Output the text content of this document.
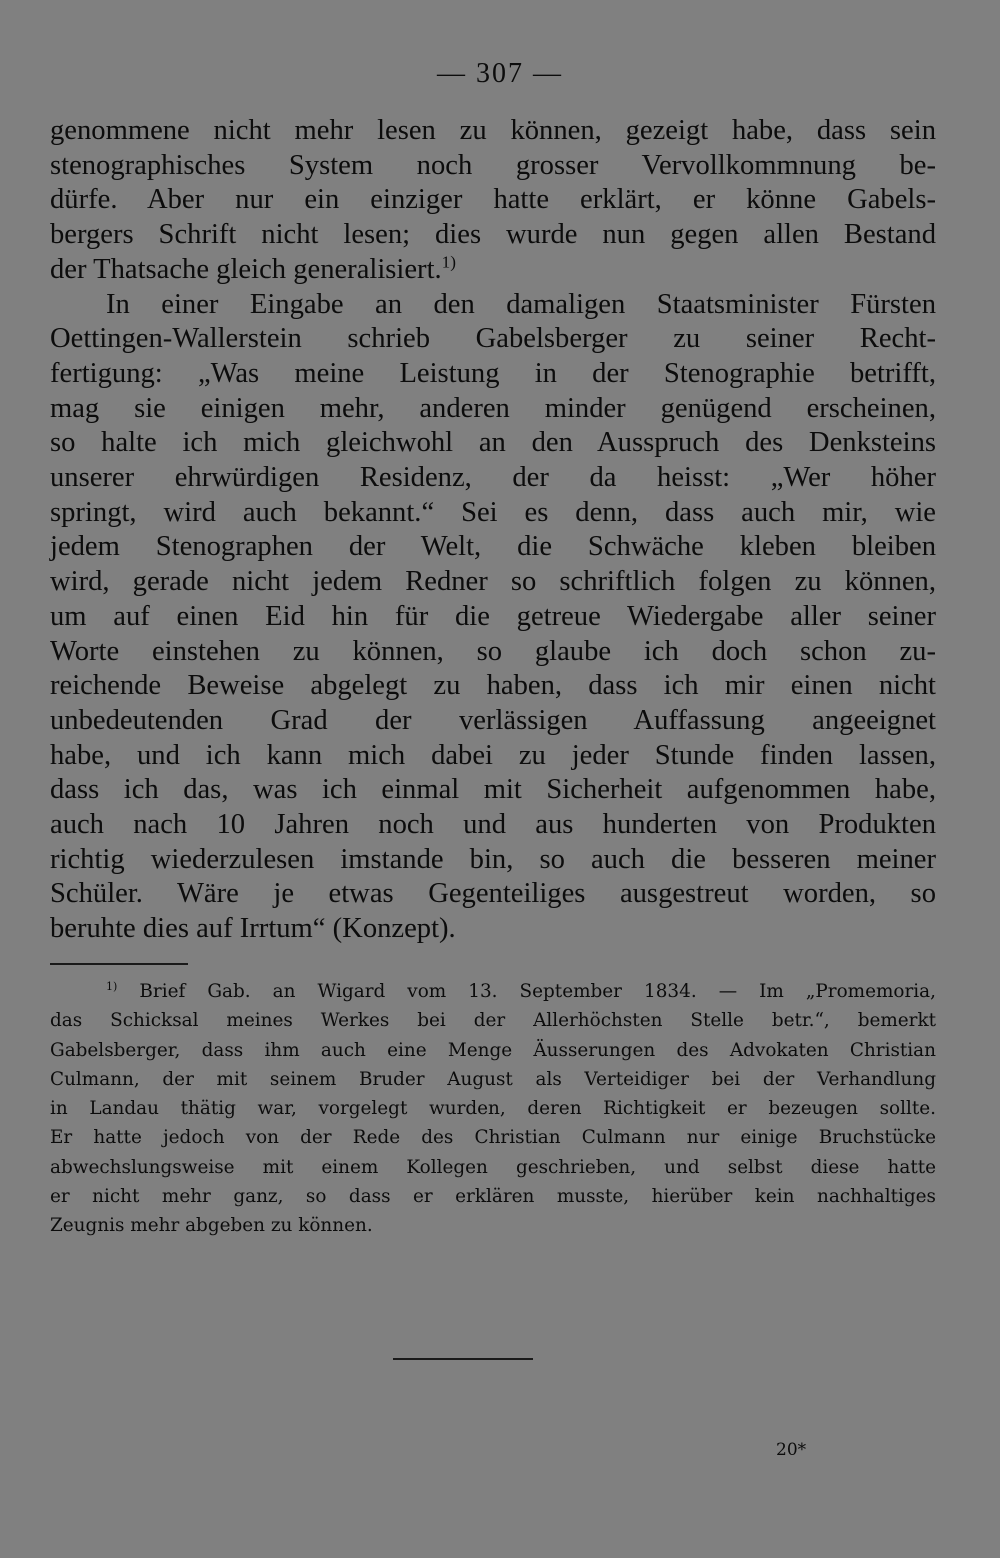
— 307 —
genommene nicht mehr lesen zu können, gezeigt habe, dass sein
stenographisches System noch grosser Vervollkommnung be-
dürfe. Aber nur ein einziger hatte erklärt, er könne Gabels-
bergers Schrift nicht lesen; dies wurde nun gegen allen Bestand
der Thatsache gleich generalisiert.$^{1)}$
In einer Eingabe an den damaligen Staatsminister Fürsten
Oettingen-Wallerstein schrieb Gabelsberger zu seiner Recht-
fertigung: „Was meine Leistung in der Stenographie betrifft,
mag sie einigen mehr, anderen minder genügend erscheinen,
so halte ich mich gleichwohl an den Ausspruch des Denksteins
unserer ehrwürdigen Residenz, der da heisst: „Wer höher
springt, wird auch bekannt.“ Sei es denn, dass auch mir, wie
jedem Stenographen der Welt, die Schwäche kleben bleiben
wird, gerade nicht jedem Redner so schriftlich folgen zu können,
um auf einen Eid hin für die getreue Wiedergabe aller seiner
Worte einstehen zu können, so glaube ich doch schon zu-
reichende Beweise abgelegt zu haben, dass ich mir einen nicht
unbedeutenden Grad der verlässigen Auffassung angeeignet
habe, und ich kann mich dabei zu jeder Stunde finden lassen,
dass ich das, was ich einmal mit Sicherheit aufgenommen habe,
auch nach 10 Jahren noch und aus hunderten von Produkten
richtig wiederzulesen imstande bin, so auch die besseren meiner
Schüler. Wäre je etwas Gegenteiliges ausgestreut worden, so
beruhte dies auf Irrtum“ (Konzept).
$^{1)}$ Brief Gab. an Wigard vom 13. September 1834. — Im „Promemoria,
das Schicksal meines Werkes bei der Allerhöchsten Stelle betr.“, bemerkt
Gabelsberger, dass ihm auch eine Menge Äusserungen des Advokaten Christian
Culmann, der mit seinem Bruder August als Verteidiger bei der Verhandlung
in Landau thätig war, vorgelegt wurden, deren Richtigkeit er bezeugen sollte.
Er hatte jedoch von der Rede des Christian Culmann nur einige Bruchstücke
abwechslungsweise mit einem Kollegen geschrieben, und selbst diese hatte
er nicht mehr ganz, so dass er erklären musste, hierüber kein nachhaltiges
Zeugnis mehr abgeben zu können.
20*
